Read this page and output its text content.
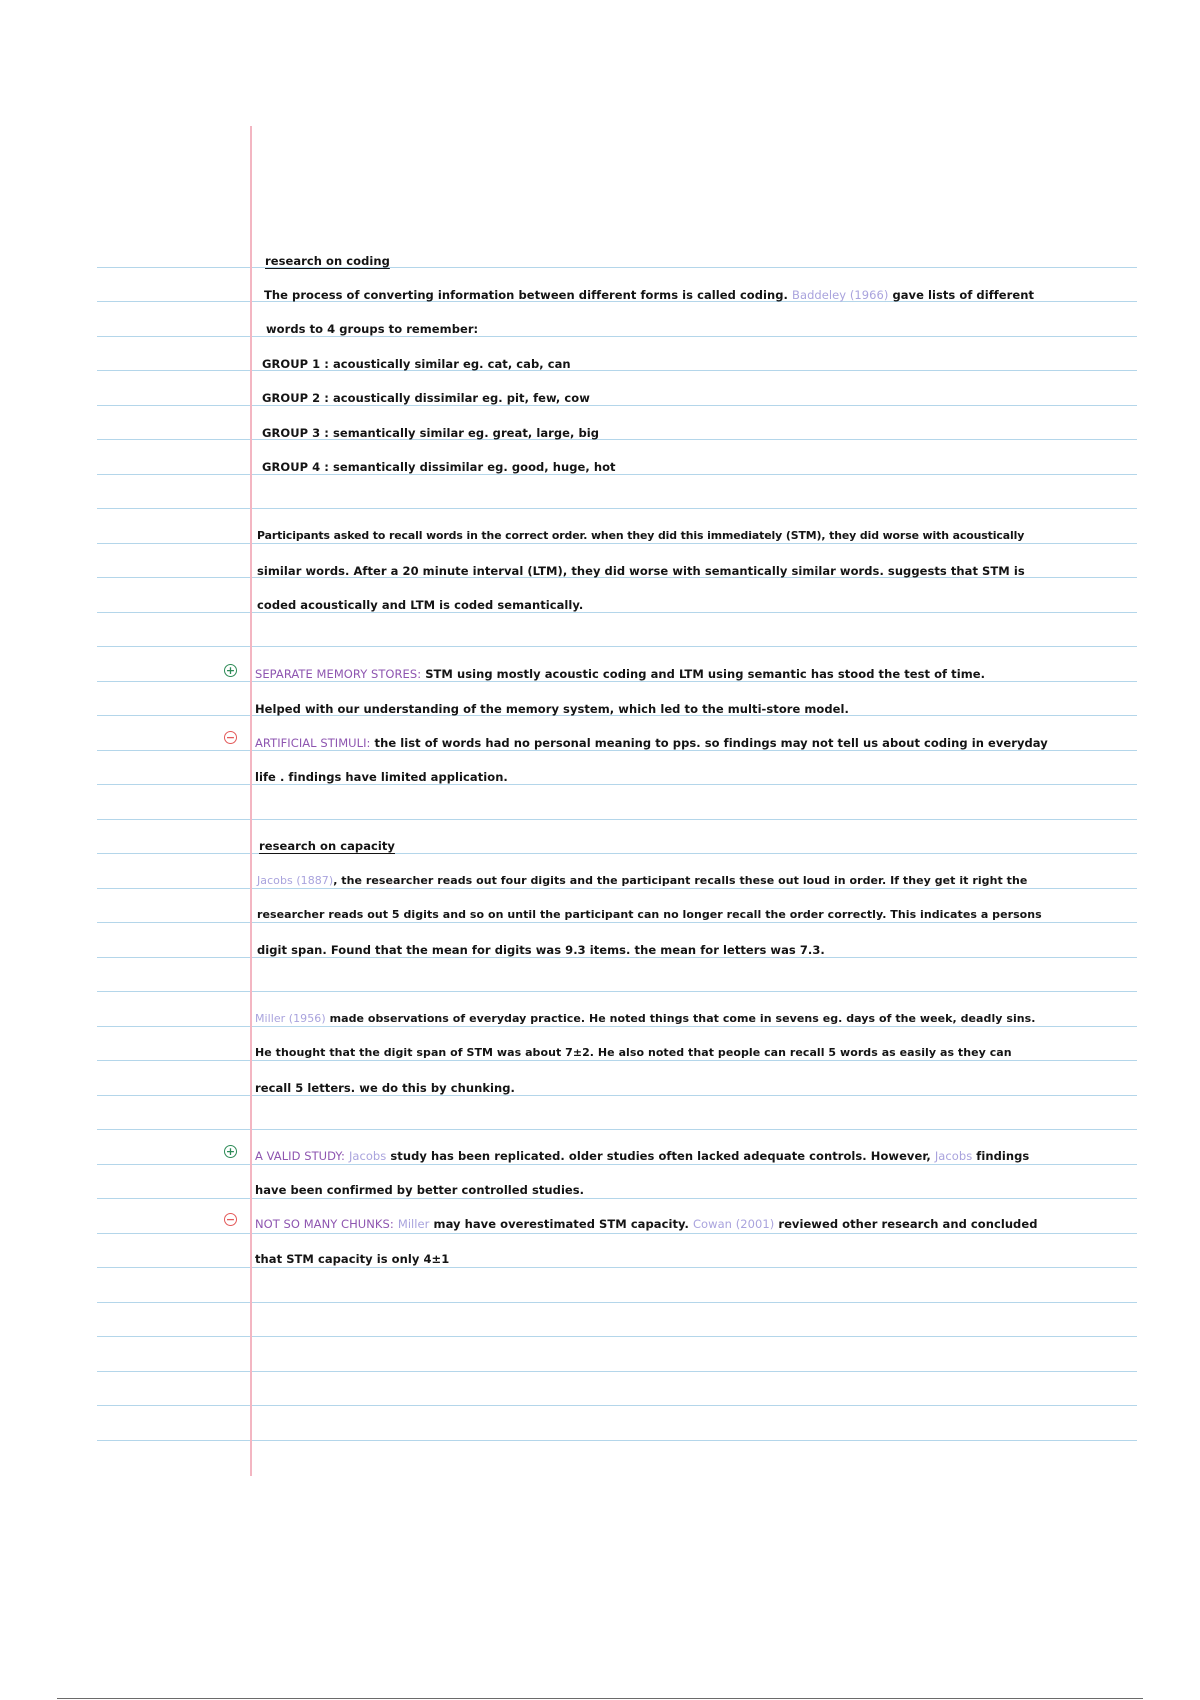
research on coding
The process of converting information between different forms is called coding. Baddeley (1966) gave lists of different
words to 4 groups to remember:
GROUP 1 : acoustically similar eg. cat, cab, can
GROUP 2 : acoustically dissimilar eg. pit, few, cow
GROUP 3 : semantically similar eg. great, large, big
GROUP 4 : semantically dissimilar eg. good, huge, hot
Participants asked to recall words in the correct order. when they did this immediately (STM), they did worse with acoustically
similar words. After a 20 minute interval (LTM), they did worse with semantically similar words. suggests that STM is
coded acoustically and LTM is coded semantically.
+ SEPARATE MEMORY STORES: STM using mostly acoustic coding and LTM using semantic has stood the test of time.
Helped with our understanding of the memory system, which led to the multi-store model.
− ARTIFICIAL STIMULI: the list of words had no personal meaning to pps. so findings may not tell us about coding in everyday
life . findings have limited application.
research on capacity
Jacobs (1887), the researcher reads out four digits and the participant recalls these out loud in order. If they get it right the
researcher reads out 5 digits and so on until the participant can no longer recall the order correctly. This indicates a persons
digit span. Found that the mean for digits was 9.3 items. the mean for letters was 7.3.
Miller (1956) made observations of everyday practice. He noted things that come in sevens eg. days of the week, deadly sins.
He thought that the digit span of STM was about 7±2. He also noted that people can recall 5 words as easily as they can
recall 5 letters. we do this by chunking.
+ A VALID STUDY: Jacobs study has been replicated. older studies often lacked adequate controls. However, Jacobs findings
have been confirmed by better controlled studies.
− NOT SO MANY CHUNKS: Miller may have overestimated STM capacity. Cowan (2001) reviewed other research and concluded
that STM capacity is only 4±1
